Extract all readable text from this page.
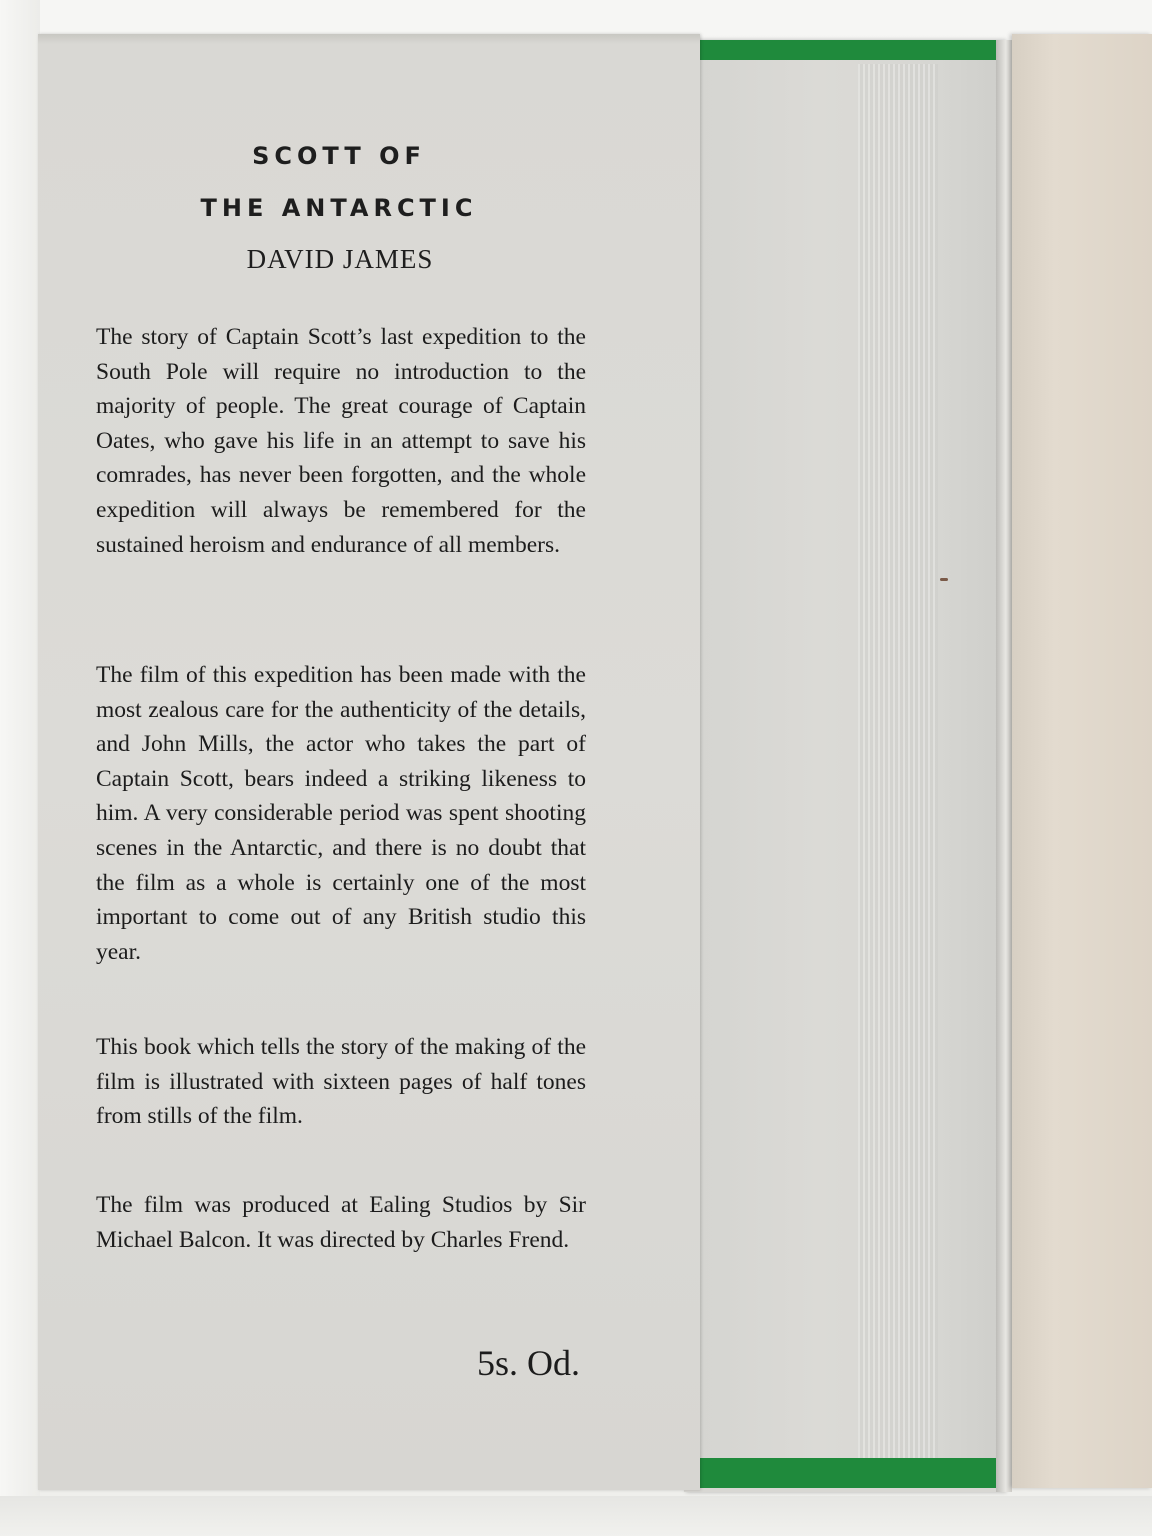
SCOTT OF
THE ANTARCTIC

DAVID JAMES

The story of Captain Scott’s last expedition to the South Pole will require no introduction to the majority of people. The great courage of Captain Oates, who gave his life in an attempt to save his comrades, has never been forgotten, and the whole expedition will always be remembered for the sustained heroism and endurance of all members.

The film of this expedition has been made with the most zealous care for the authenticity of the details, and John Mills, the actor who takes the part of Captain Scott, bears indeed a striking likeness to him. A very considerable period was spent shooting scenes in the Antarctic, and there is no doubt that the film as a whole is certainly one of the most important to come out of any British studio this year.

This book which tells the story of the making of the film is illustrated with sixteen pages of half tones from stills of the film.

The film was produced at Ealing Studios by Sir Michael Balcon. It was directed by Charles Frend.

5s. Od.
